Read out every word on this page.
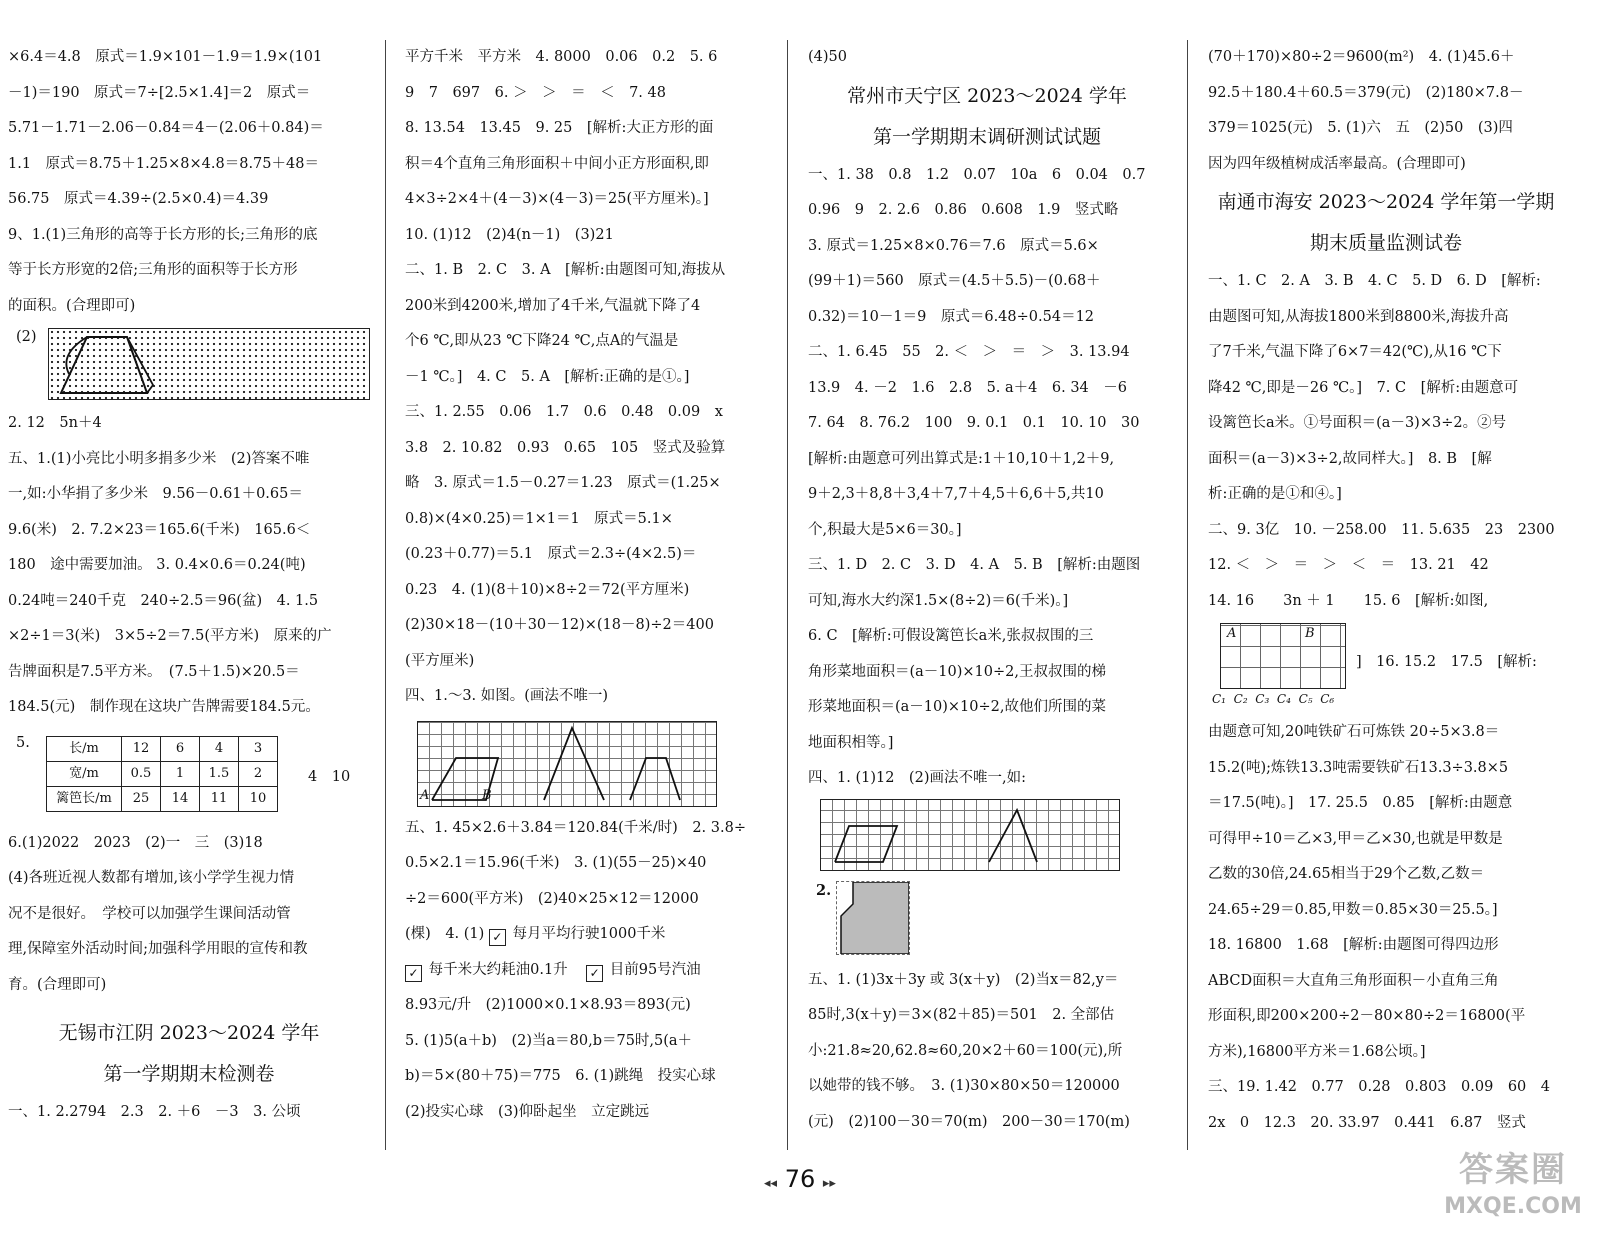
×6.4＝4.8　原式＝1.9×101－1.9＝1.9×(101
－1)＝190　原式＝7÷[2.5×1.4]＝2　原式＝
5.71－1.71－2.06－0.84＝4－(2.06＋0.84)＝
1.1　原式＝8.75＋1.25×8×4.8＝8.75＋48＝
56.75　原式＝4.39÷(2.5×0.4)＝4.39
9、1.(1)三角形的高等于长方形的长;三角形的底
等于长方形宽的2倍;三角形的面积等于长方形
的面积。(合理即可)
(2)
2. 12　5n＋4
五、1.(1)小亮比小明多捐多少米　(2)答案不唯
一,如:小华捐了多少米　9.56－0.61＋0.65＝
9.6(米)　2. 7.2×23＝165.6(千米)　165.6＜
180　途中需要加油。 3. 0.4×0.6＝0.24(吨)
0.24吨＝240千克　240÷2.5＝96(盆)　4. 1.5
×2÷1＝3(米)　3×5÷2＝7.5(平方米)　原来的广
告牌面积是7.5平方米。　(7.5＋1.5)×20.5＝
184.5(元)　制作现在这块广告牌需要184.5元。
5.	长/m	12	6	4	3
宽/m	0.5	1	1.5	2
篱笆长/m	25	14	11	10
4　10
6.(1)2022　2023　(2)一　三　(3)18
(4)各班近视人数都有增加,该小学学生视力情
况不是很好。　学校可以加强学生课间活动管
理,保障室外活动时间;加强科学用眼的宣传和教
育。(合理即可)
无锡市江阴 2023～2024 学年
第一学期期末检测卷
一、1. 2.2794　2.3　2. ＋6　－3　3. 公顷
平方千米　平方米　4. 8000　0.06　0.2　5. 6
9　7　697　6. ＞　＞　＝　＜　7. 48
8. 13.54　13.45　9. 25　[解析:大正方形的面
积＝4个直角三角形面积＋中间小正方形面积,即
4×3÷2×4＋(4－3)×(4－3)＝25(平方厘米)。]
10. (1)12　(2)4(n－1)　(3)21
二、1. B　2. C　3. A　[解析:由题图可知,海拔从
200米到4200米,增加了4千米,气温就下降了4
个6 ℃,即从23 ℃下降24 ℃,点A的气温是
－1 ℃。]　4. C　5. A　[解析:正确的是①。]
三、1. 2.55　0.06　1.7　0.6　0.48　0.09　x
3.8　2. 10.82　0.93　0.65　105　竖式及验算
略　3. 原式＝1.5－0.27＝1.23　原式＝(1.25×
0.8)×(4×0.25)＝1×1＝1　原式＝5.1×
(0.23＋0.77)＝5.1　原式＝2.3÷(4×2.5)＝
0.23　4. (1)(8＋10)×8÷2＝72(平方厘米)
(2)30×18－(10＋30－12)×(18－8)÷2＝400
(平方厘米)
四、1.～3. 如图。(画法不唯一)
A	B
五、1. 45×2.6＋3.84＝120.84(千米/时)　2. 3.8÷
0.5×2.1＝15.96(千米)　3. (1)(55－25)×40
÷2＝600(平方米)　(2)40×25×12＝12000
(棵)　4. (1) ✓ 每月平均行驶1000千米
✓ 每千米大约耗油0.1升 ✓ 目前95号汽油
8.93元/升　(2)1000×0.1×8.93＝893(元)
5. (1)5(a＋b)　(2)当a＝80,b＝75时,5(a＋
b)＝5×(80＋75)＝775　6. (1)跳绳　投实心球
(2)投实心球　(3)仰卧起坐　立定跳远
(4)50
常州市天宁区 2023～2024 学年
第一学期期末调研测试试题
一、1. 38　0.8　1.2　0.07　10a　6　0.04　0.7
0.96　9　2. 2.6　0.86　0.608　1.9　竖式略
3. 原式＝1.25×8×0.76＝7.6　原式＝5.6×
(99＋1)＝560　原式＝(4.5＋5.5)－(0.68＋
0.32)＝10－1＝9　原式＝6.48÷0.54＝12
二、1. 6.45　55　2. ＜　＞　＝　＞　3. 13.94
13.9　4. －2　1.6　2.8　5. a＋4　6. 34　－6
7. 64　8. 76.2　100　9. 0.1　0.1　10. 10　30
[解析:由题意可列出算式是:1＋10,10＋1,2＋9,
9＋2,3＋8,8＋3,4＋7,7＋4,5＋6,6＋5,共10
个,积最大是5×6＝30。]
三、1. D　2. C　3. D　4. A　5. B　[解析:由题图
可知,海水大约深1.5×(8÷2)＝6(千米)。]
6. C　[解析:可假设篱笆长a米,张叔叔围的三
角形菜地面积＝(a－10)×10÷2,王叔叔围的梯
形菜地面积＝(a－10)×10÷2,故他们所围的菜
地面积相等。]
四、1. (1)12　(2)画法不唯一,如:
2.
五、1. (1)3x＋3y 或 3(x＋y)　(2)当x＝82,y＝
85时,3(x＋y)＝3×(82＋85)＝501　2. 全部估
小:21.8≈20,62.8≈60,20×2＋60＝100(元),所
以她带的钱不够。　3. (1)30×80×50＝120000
(元)　(2)100－30＝70(m)　200－30＝170(m)
(70＋170)×80÷2＝9600(m²)　4. (1)45.6＋
92.5＋180.4＋60.5＝379(元)　(2)180×7.8－
379＝1025(元)　5. (1)六　五　(2)50　(3)四
因为四年级植树成活率最高。(合理即可)
南通市海安 2023～2024 学年第一学期
期末质量监测试卷
一、1. C　2. A　3. B　4. C　5. D　6. D　[解析:
由题图可知,从海拔1800米到8800米,海拔升高
了7千米,气温下降了6×7＝42(℃),从16 ℃下
降42 ℃,即是－26 ℃。]　7. C　[解析:由题意可
设篱笆长a米。①号面积＝(a－3)×3÷2。②号
面积＝(a－3)×3÷2,故同样大。]　8. B　[解
析:正确的是①和④。]
二、9. 3亿　10. －258.00　11. 5.635　23　2300
12. ＜　＞　＝　＞　＜　＝　13. 21　42
14. 16　　3n ＋ 1　　15. 6　[解析:如图,
A	B
C₁ C₂ C₃ C₄ C₅ C₆
]　16. 15.2　17.5　[解析:
由题意可知,20吨铁矿石可炼铁 20÷5×3.8＝
15.2(吨);炼铁13.3吨需要铁矿石13.3÷3.8×5
＝17.5(吨)。]　17. 25.5　0.85　[解析:由题意
可得甲÷10＝乙×3,甲＝乙×30,也就是甲数是
乙数的30倍,24.65相当于29个乙数,乙数＝
24.65÷29＝0.85,甲数＝0.85×30＝25.5。]
18. 16800　1.68　[解析:由题图可得四边形
ABCD面积＝大直角三角形面积－小直角三角
形面积,即200×200÷2－80×80÷2＝16800(平
方米),16800平方米＝1.68公顷。]
三、19. 1.42　0.77　0.28　0.803　0.09　60　4
2x　0　12.3　20. 33.97　0.441　6.87　竖式
◂◂ 76 ▸▸	答案圈
MXQE.COM
